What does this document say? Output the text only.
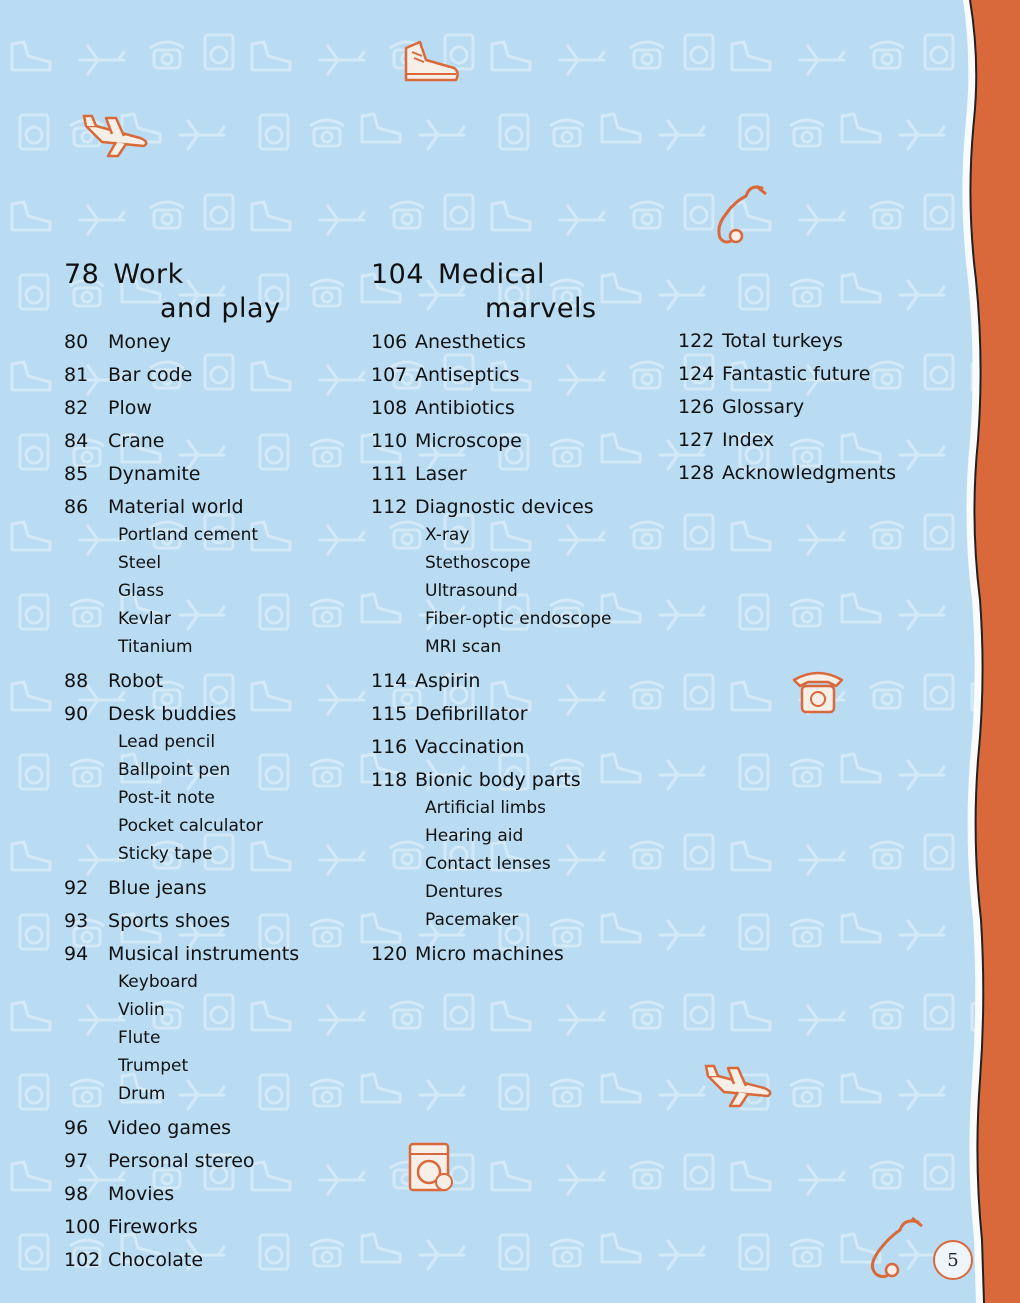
78 Work
and play
80	Money
81	Bar code
82	Plow
84	Crane
85	Dynamite
86	Material world
Portland cement
Steel
Glass
Kevlar
Titanium
88	Robot
90	Desk buddies
Lead pencil
Ballpoint pen
Post-it note
Pocket calculator
Sticky tape
92	Blue jeans
93	Sports shoes
94	Musical instruments
Keyboard
Violin
Flute
Trumpet
Drum
96	Video games
97	Personal stereo
98	Movies
100 Fireworks
102 Chocolate
104 Medical
marvels
106 Anesthetics
107 Antiseptics
108 Antibiotics
110 Microscope
111 Laser
112 Diagnostic devices
X-ray
Stethoscope
Ultrasound
Fiber-optic endoscope
MRI scan
114 Aspirin
115 Defibrillator
116 Vaccination
118 Bionic body parts
Artificial limbs
Hearing aid
Contact lenses
Dentures
Pacemaker
120 Micro machines
122 Total turkeys
124 Fantastic future
126 Glossary
127 Index
128 Acknowledgments
5
